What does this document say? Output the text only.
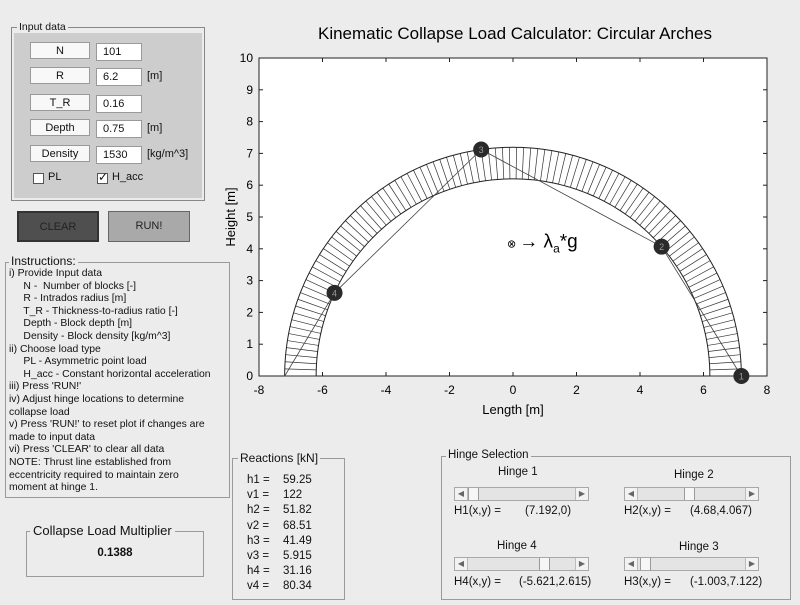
Input data
N	101
R	6.2	[m]
T_R	0.16
Depth	0.75	[m]
Density	1530	[kg/m^3]
PL
✓	H_acc
CLEAR	RUN!
Instructions:
i) Provide Input data
N -  Number of blocks [-]
R - Intrados radius [m]
T_R - Thickness-to-radius ratio [-]
Depth - Block depth [m]
Density - Block density [kg/m^3]
ii) Choose load type
PL - Asymmetric point load
H_acc - Constant horizontal acceleration
iii) Press 'RUN!'
iv) Adjust hinge locations to determine
collapse load
v) Press 'RUN!' to reset plot if changes are
made to input data
vi) Press 'CLEAR' to clear all data
NOTE: Thrust line established from
eccentricity required to maintain zero
moment at hinge 1.
Collapse Load Multiplier
0.1388
Reactions [kN]
h1 = 59.25
v1 = 122
h2 = 51.82
v2 = 68.51
h3 = 41.49
v3 = 5.915
h4 = 31.16
v4 = 80.34
Hinge Selection
Hinge 1
◀	▶
H1(x,y) = (7.192,0)
Hinge 2
◀	▶
H2(x,y) = (4.68,4.067)
Hinge 4
◀	▶
H4(x,y) = (-5.621,2.615)
Hinge 3
◀	▶
H3(x,y) = (-1.003,7.122)
-8	-6	-4	-2	0	2	4	6	8
0
1
2
3
4
5
6
7
8
9
10
Kinematic Collapse Load Calculator: Circular Arches
Length [m]
Height [m]
1
2
3
4
⊗ → $\lambda_a*g$
